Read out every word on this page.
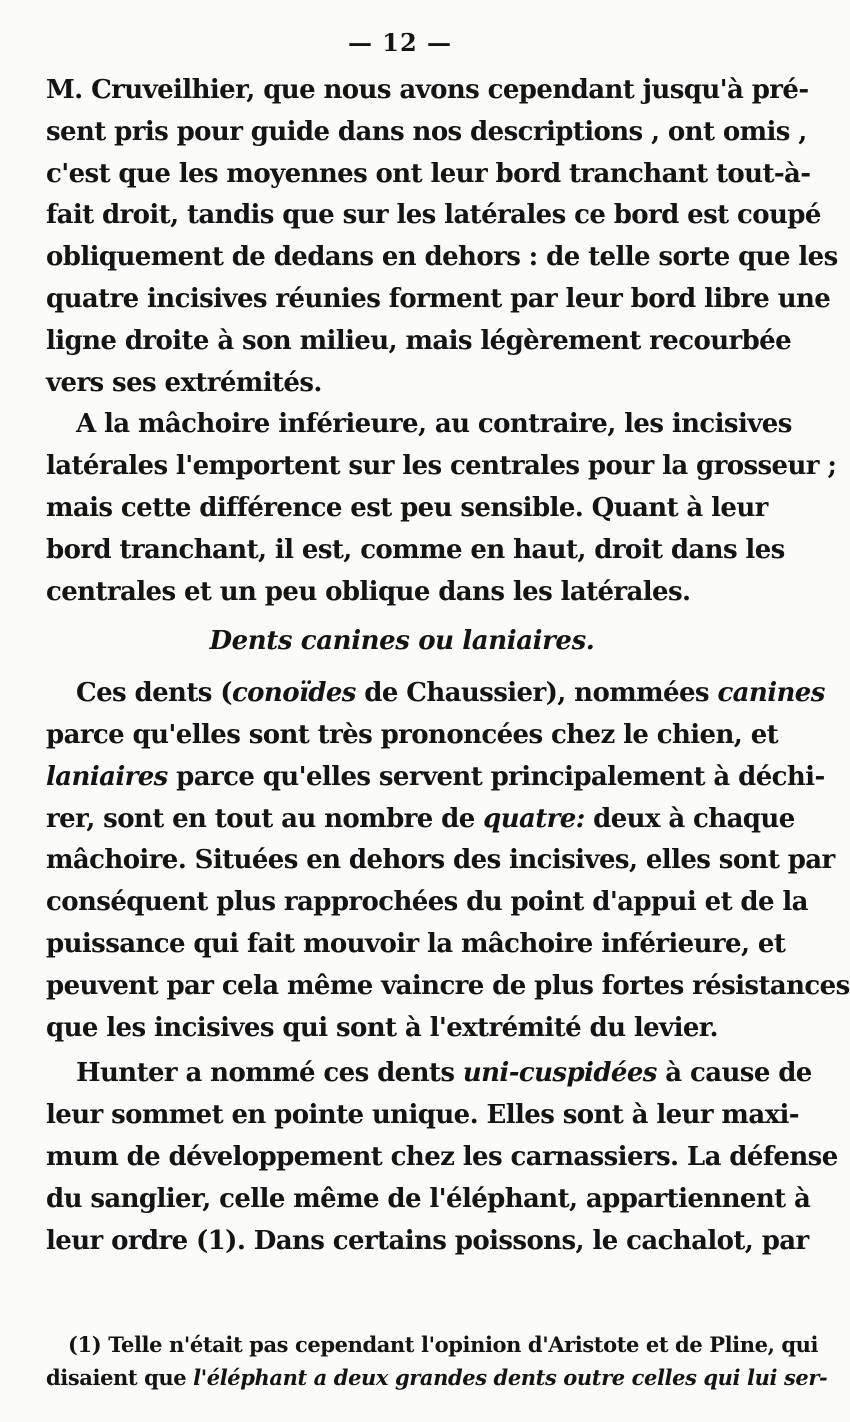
— 12 —
M. Cruveilhier, que nous avons cependant jusqu'à pré-
sent pris pour guide dans nos descriptions , ont omis ,
c'est que les moyennes ont leur bord tranchant tout-à-
fait droit, tandis que sur les latérales ce bord est coupé
obliquement de dedans en dehors : de telle sorte que les
quatre incisives réunies forment par leur bord libre une
ligne droite à son milieu, mais légèrement recourbée
vers ses extrémités.
A la mâchoire inférieure, au contraire, les incisives
latérales l'emportent sur les centrales pour la grosseur ;
mais cette différence est peu sensible. Quant à leur
bord tranchant, il est, comme en haut, droit dans les
centrales et un peu oblique dans les latérales.
Dents canines ou laniaires.
Ces dents (conoïdes de Chaussier), nommées canines
parce qu'elles sont très prononcées chez le chien, et
laniaires parce qu'elles servent principalement à déchi-
rer, sont en tout au nombre de quatre: deux à chaque
mâchoire. Situées en dehors des incisives, elles sont par
conséquent plus rapprochées du point d'appui et de la
puissance qui fait mouvoir la mâchoire inférieure, et
peuvent par cela même vaincre de plus fortes résistances
que les incisives qui sont à l'extrémité du levier.
Hunter a nommé ces dents uni-cuspidées à cause de
leur sommet en pointe unique. Elles sont à leur maxi-
mum de développement chez les carnassiers. La défense
du sanglier, celle même de l'éléphant, appartiennent à
leur ordre (1). Dans certains poissons, le cachalot, par
(1) Telle n'était pas cependant l'opinion d'Aristote et de Pline, qui
disaient que l'éléphant a deux grandes dents outre celles qui lui ser-
